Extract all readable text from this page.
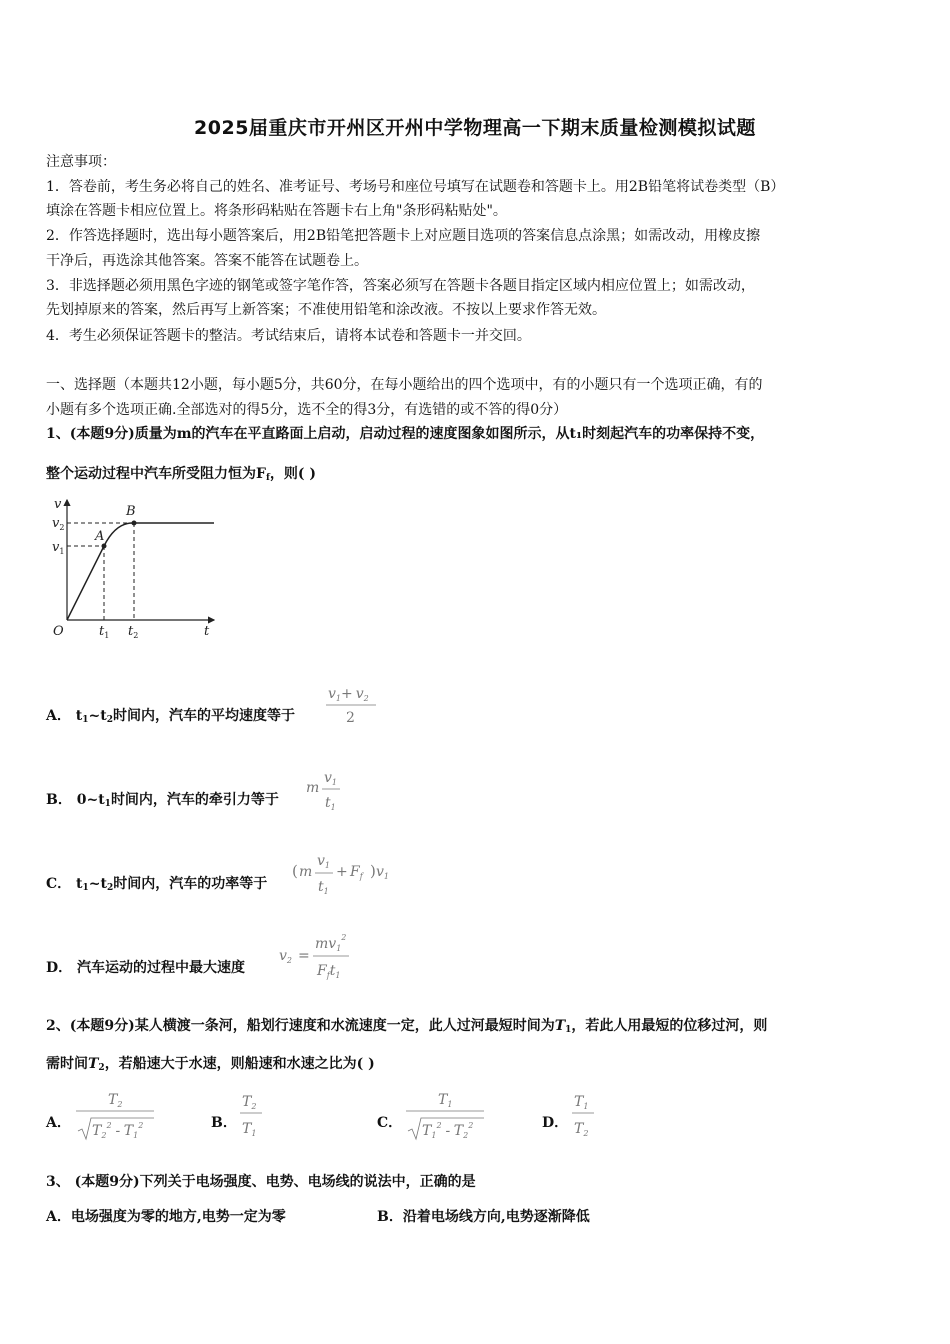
2025届重庆市开州区开州中学物理高一下期末质量检测模拟试题
注意事项：
1．答卷前，考生务必将自己的姓名、准考证号、考场号和座位号填写在试题卷和答题卡上。用2B铅笔将试卷类型（B）
填涂在答题卡相应位置上。将条形码粘贴在答题卡右上角"条形码粘贴处"。
2．作答选择题时，选出每小题答案后，用2B铅笔把答题卡上对应题目选项的答案信息点涂黑；如需改动，用橡皮擦
干净后，再选涂其他答案。答案不能答在试题卷上。
3．非选择题必须用黑色字迹的钢笔或签字笔作答，答案必须写在答题卡各题目指定区域内相应位置上；如需改动，
先划掉原来的答案，然后再写上新答案；不准使用铅笔和涂改液。不按以上要求作答无效。
4．考生必须保证答题卡的整洁。考试结束后，请将本试卷和答题卡一并交回。
一、选择题（本题共12小题，每小题5分，共60分，在每小题给出的四个选项中，有的小题只有一个选项正确，有的
小题有多个选项正确.全部选对的得5分，选不全的得3分，有选错的或不答的得0分）
1、(本题9分)质量为m的汽车在平直路面上启动，启动过程的速度图象如图所示，从t₁时刻起汽车的功率保持不变，
整个运动过程中汽车所受阻力恒为$F_f$，则( )
v
t
O
$v_1$
$v_2$
$t_1$ $t_2$
A
B
A． $t_1\sim t_2$时间内，汽车的平均速度等于
$v_1+ v_2$
2
B． $0\sim t_1$时间内，汽车的牵引力等于
m
$v_1$
$t_1$
C． $t_1\sim t_2$时间内，汽车的功率等于
( m
$v_1$
$t_1$
+ $F_f$ ) $v_1$
D． 汽车运动的过程中最大速度
$v_2$ =
$mv_1^2$
$F_ft_1$
2、(本题9分)某人横渡一条河，船划行速度和水流速度一定，此人过河最短时间为$T_1$，若此人用最短的位移过河，则
需时间$T_2$，若船速大于水速，则船速和水速之比为( )
A．
$T_2$
$T_2^2 - T_1^2$	B．
$T_2$
$T_1$
C．
$T_1$
$T_1^2 - T_2^2$	D．
$T_1$
$T_2$
3、 (本题9分)下列关于电场强度、电势、电场线的说法中，正确的是
A．电场强度为零的地方,电势一定为零	B．沿着电场线方向,电势逐渐降低
